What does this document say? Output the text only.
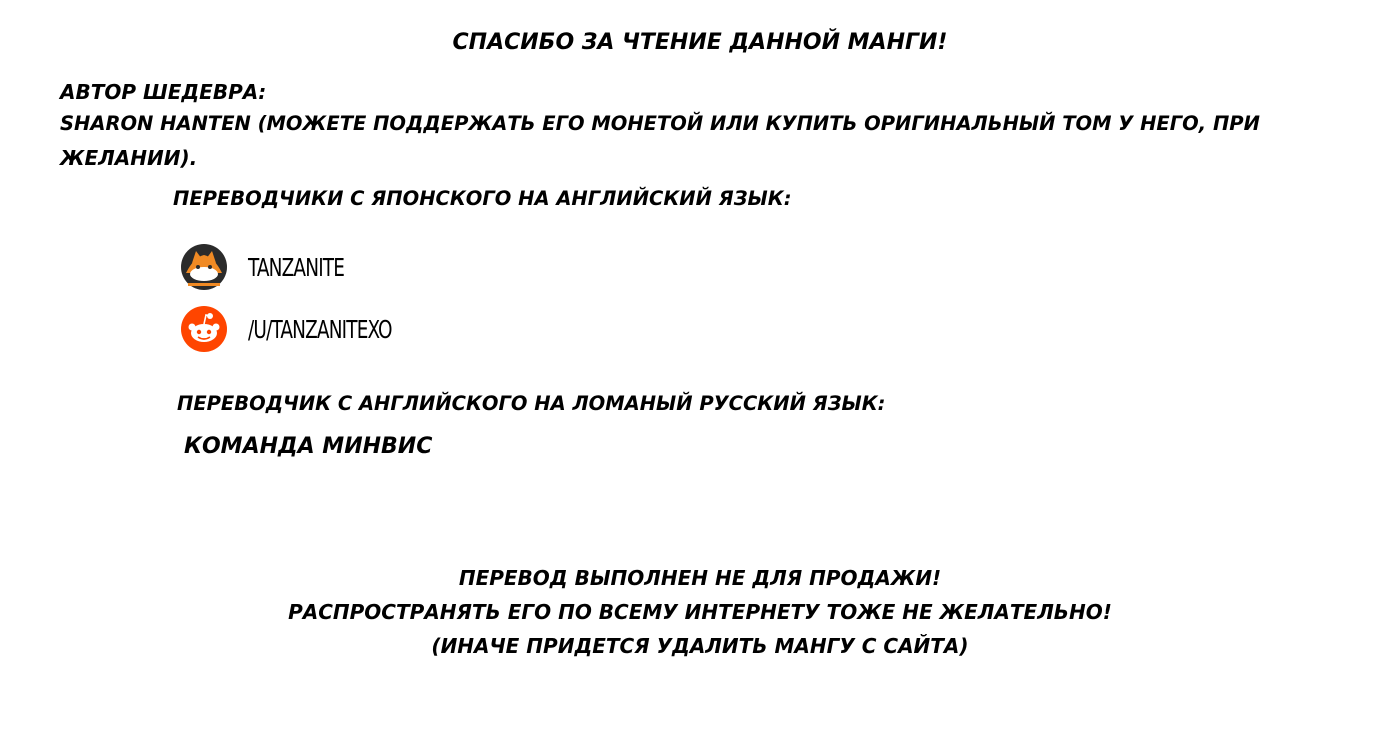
СПАСИБО ЗА ЧТЕНИЕ ДАННОЙ МАНГИ!
АВТОР ШЕДЕВРА:
SHARON HANTEN (МОЖЕТЕ ПОДДЕРЖАТЬ ЕГО МОНЕТОЙ ИЛИ КУПИТЬ ОРИГИНАЛЬНЫЙ ТОМ У НЕГО, ПРИ
ЖЕЛАНИИ).
ПЕРЕВОДЧИКИ С ЯПОНСКОГО НА АНГЛИЙСКИЙ ЯЗЫК:
TANZANITE
/U/TANZANITEXO
ПЕРЕВОДЧИК С АНГЛИЙСКОГО НА ЛОМАНЫЙ РУССКИЙ ЯЗЫК:
КОМАНДА МИНВИС
ПЕРЕВОД ВЫПОЛНЕН НЕ ДЛЯ ПРОДАЖИ!
РАСПРОСТРАНЯТЬ ЕГО ПО ВСЕМУ ИНТЕРНЕТУ ТОЖЕ НЕ ЖЕЛАТЕЛЬНО!
(ИНАЧЕ ПРИДЕТСЯ УДАЛИТЬ МАНГУ С САЙТА)
